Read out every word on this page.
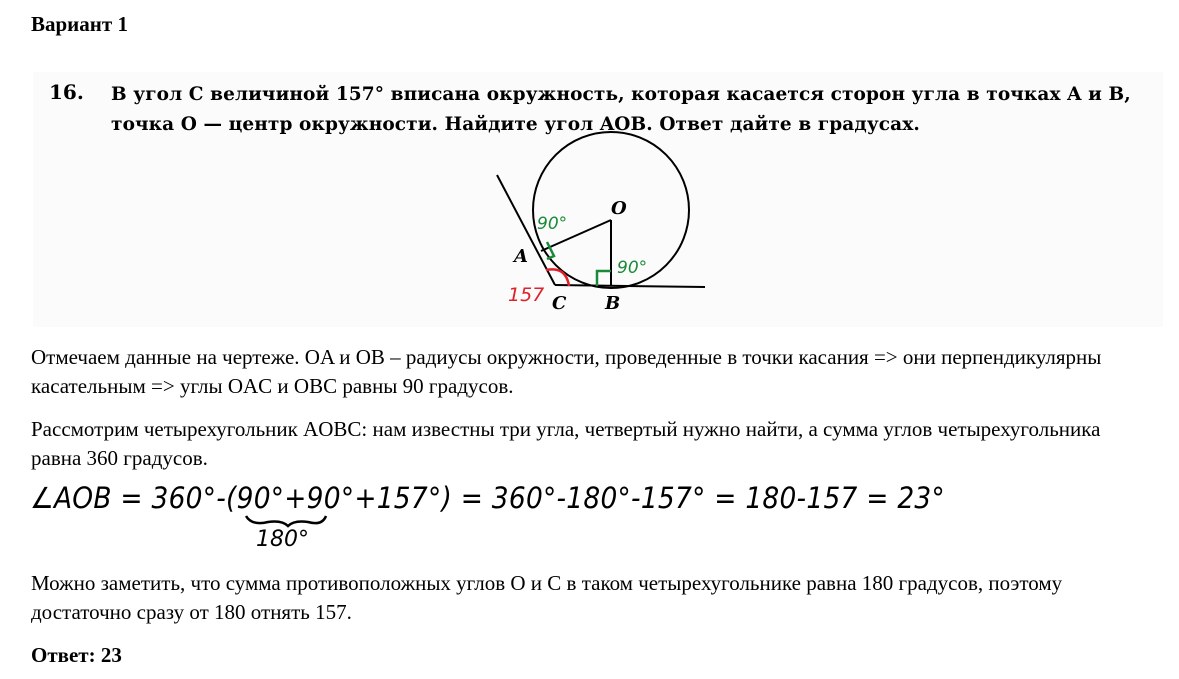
Вариант 1
16. В угол C величиной 157° вписана окружность, которая касается сторон угла в точках A и B, точка O — центр окружности. Найдите угол AOB. Ответ дайте в градусах.
O
A
C B
90°
90°
157
Отмечаем данные на чертеже. OA и OB – радиусы окружности, проведенные в точки касания => они перпендикулярны касательным => углы OAC и OBC равны 90 градусов.
Рассмотрим четырехугольник AOBC: нам известны три угла, четвертый нужно найти, а сумма углов четырехугольника равна 360 градусов.
∠AOB = 360°-(90°+90°+157°) = 360°-180°-157° = 180-157 = 23°
180°
Можно заметить, что сумма противоположных углов O и C в таком четырехугольнике равна 180 градусов, поэтому достаточно сразу от 180 отнять 157.
Ответ: 23
